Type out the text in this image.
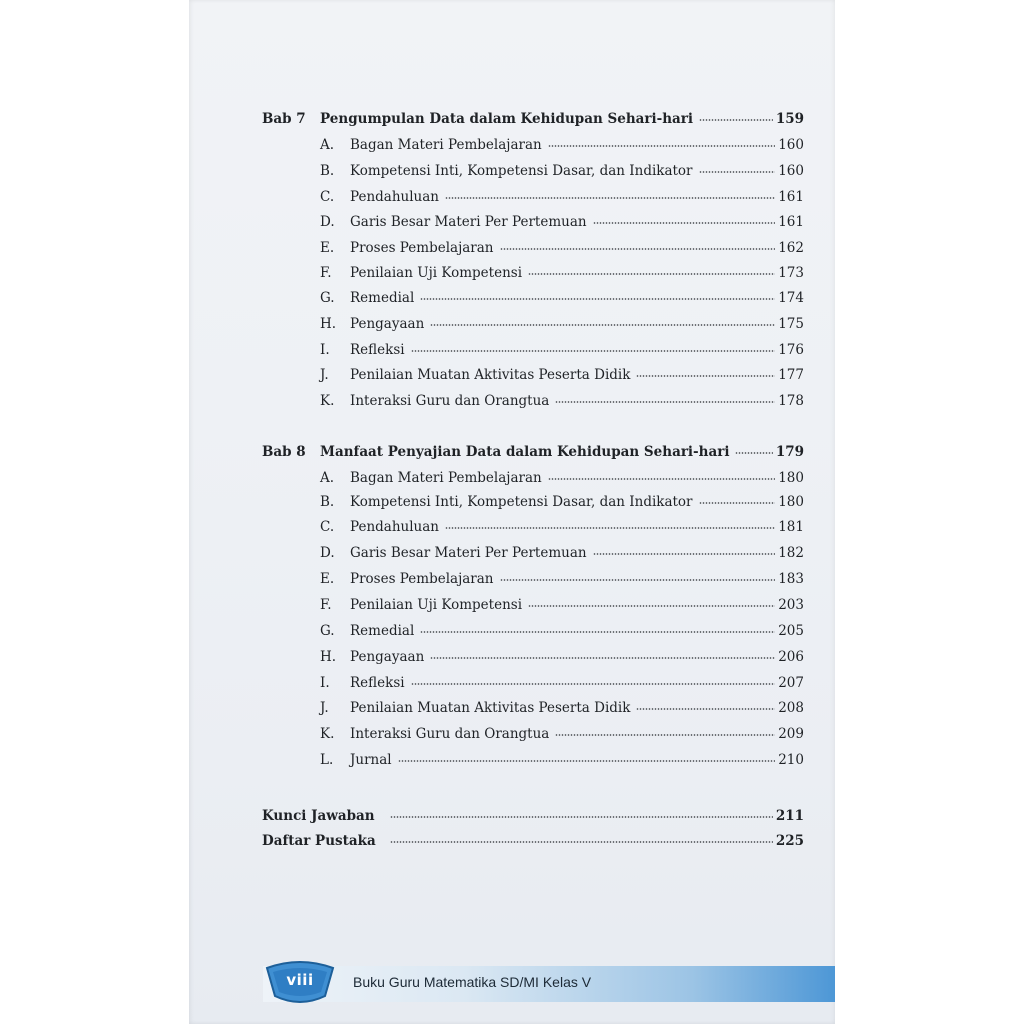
Bab 7 Pengumpulan Data dalam Kehidupan Sehari-hari	159
A. Bagan Materi Pembelajaran	160
B. Kompetensi Inti, Kompetensi Dasar, dan Indikator	160
C. Pendahuluan	161
D. Garis Besar Materi Per Pertemuan	161
E. Proses Pembelajaran	162
F. Penilaian Uji Kompetensi	173
G. Remedial	174
H. Pengayaan	175
I. Refleksi	176
J. Penilaian Muatan Aktivitas Peserta Didik	177
K. Interaksi Guru dan Orangtua	178
Bab 8 Manfaat Penyajian Data dalam Kehidupan Sehari-hari	179
A. Bagan Materi Pembelajaran	180
B. Kompetensi Inti, Kompetensi Dasar, dan Indikator	180
C. Pendahuluan	181
D. Garis Besar Materi Per Pertemuan	182
E. Proses Pembelajaran	183
F. Penilaian Uji Kompetensi	203
G. Remedial	205
H. Pengayaan	206
I. Refleksi	207
J. Penilaian Muatan Aktivitas Peserta Didik	208
K. Interaksi Guru dan Orangtua	209
L. Jurnal	210
Kunci Jawaban	211
Daftar Pustaka	225
viii	Buku Guru Matematika SD/MI Kelas V
